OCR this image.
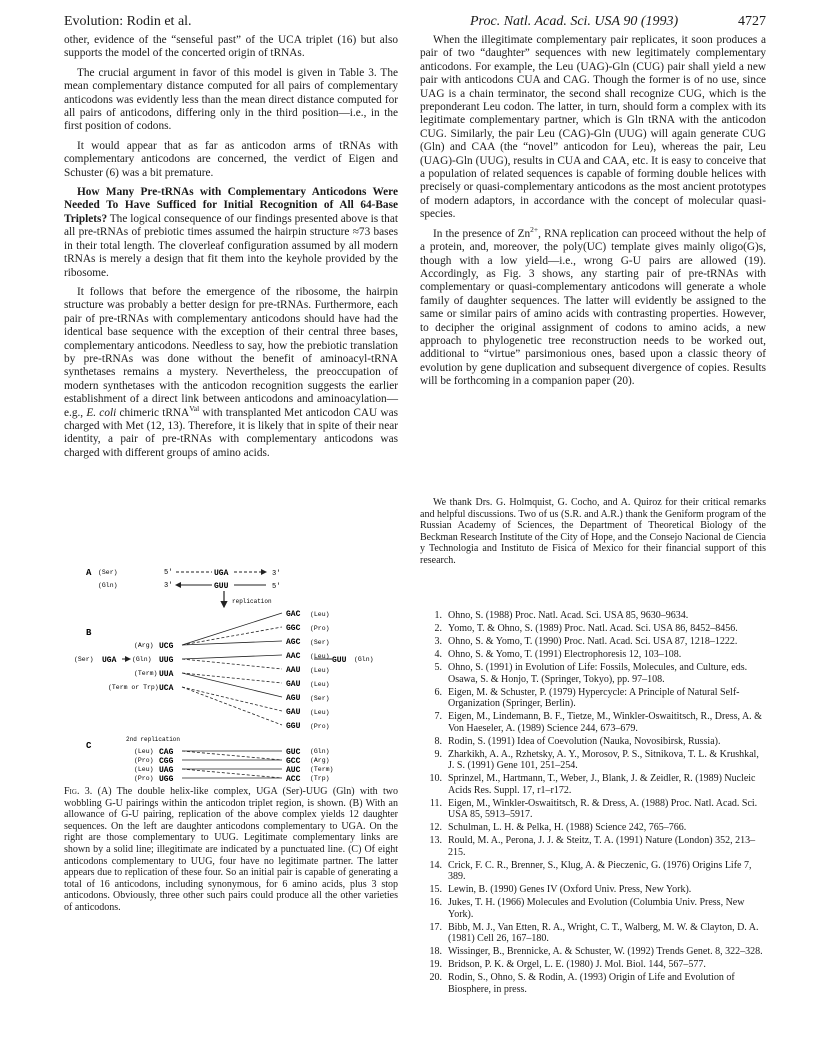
Evolution: Rodin et al.	Proc. Natl. Acad. Sci. USA 90 (1993)	4727

other, evidence of the “senseful past” of the UCA triplet (16) but also supports the model of the concerted origin of tRNAs.

The crucial argument in favor of this model is given in Table 3. The mean complementary distance computed for all pairs of complementary anticodons was evidently less than the mean direct distance computed for all pairs of anticodons, differing only in the third position—i.e., in the first position of codons.

It would appear that as far as anticodon arms of tRNAs with complementary anticodons are concerned, the verdict of Eigen and Schuster (6) was a bit premature.

How Many Pre-tRNAs with Complementary Anticodons Were Needed To Have Sufficed for Initial Recognition of All 64-Base Triplets? The logical consequence of our findings presented above is that all pre-tRNAs of prebiotic times assumed the hairpin structure ≈73 bases in their total length. The cloverleaf configuration assumed by all modern tRNAs is merely a design that fit them into the keyhole provided by the ribosome.

It follows that before the emergence of the ribosome, the hairpin structure was probably a better design for pre-tRNAs. Furthermore, each pair of pre-tRNAs with complementary anticodons should have had the identical base sequence with the exception of their central three bases, complementary anticodons. Needless to say, how the prebiotic translation by pre-tRNAs was done without the benefit of aminoacyl-tRNA synthetases remains a mystery. Nevertheless, the preoccupation of modern synthetases with the anticodon recognition suggests the earlier establishment of a direct link between anticodons and aminoacylation—e.g., E. coli chimeric tRNA$^{Val}$ with transplanted Met anticodon CAU was charged with Met (12, 13). Therefore, it is likely that in spite of their near identity, a pair of pre-tRNAs with complementary anticodons was charged with different groups of amino acids.

A (Ser)
(Gln)
5'
3'
UGA	3'
GUU	5'
replication
B
(Arg) UCG
(Ser) UGA (Gln) UUG
(Term) UUA
(Term or Trp) UCA
GAC (Leu)
GGC (Pro)
AGC (Ser)
AAC (Leu)
AAU (Leu)
GAU (Leu)
AGU (Ser)
GAU (Leu)
GGU (Pro)
GUU (Gln)
C
2nd replication
(Leu) CAG
(Pro) CGG
(Leu) UAG
(Pro) UGG
GUC (Gln)
GCC (Arg)
AUC (Term)
ACC (Trp)
Fig. 3. (A) The double helix-like complex, UGA (Ser)-UUG (Gln) with two wobbling G-U pairings within the anticodon triplet region, is shown. (B) With an allowance of G-U pairing, replication of the above complex yields 12 daughter sequences. On the left are daughter anticodons complementary to UGA. On the right are those complementary to UUG. Legitimate complementary links are shown by a solid line; illegitimate are indicated by a punctuated line. (C) Of eight anticodons complementary to UUG, four have no legitimate partner. The latter appears due to replication of these four. So an initial pair is capable of generating a total of 16 anticodons, including synonymous, for 6 amino acids, plus 3 stop anticodons. Obviously, three other such pairs could produce all the other varieties of anticodons.

When the illegitimate complementary pair replicates, it soon produces a pair of two “daughter” sequences with new legitimately complementary anticodons. For example, the Leu (UAG)-Gln (CUG) pair shall yield a new pair with anticodons CUA and CAG. Though the former is of no use, since UAG is a chain terminator, the second shall recognize CUG, which is the preponderant Leu codon. The latter, in turn, should form a complex with its legitimate complementary partner, which is Gln tRNA with the anticodon CUG. Similarly, the pair Leu (CAG)-Gln (UUG) will again generate CUG (Gln) and CAA (the “novel” anticodon for Leu), whereas the pair, Leu (UAG)-Gln (UUG), results in CUA and CAA, etc. It is easy to conceive that a population of related sequences is capable of forming double helices with precisely or quasi-complementary anticodons as the most ancient prototypes of modern adaptors, in accordance with the concept of molecular quasi-species.

In the presence of $Zn^{2+}$, RNA replication can proceed without the help of a protein, and, moreover, the poly(UC) template gives mainly oligo(G)s, though with a low yield—i.e., wrong G-U pairs are allowed (19). Accordingly, as Fig. 3 shows, any starting pair of pre-tRNAs with complementary or quasi-complementary anticodons will generate a whole family of daughter sequences. The latter will evidently be assigned to the same or similar pairs of amino acids with contrasting properties. However, to decipher the original assignment of codons to amino acids, a new approach to phylogenetic tree reconstruction needs to be worked out, additional to “virtue” parsimonious ones, based upon a classic theory of evolution by gene duplication and subsequent divergence of copies. Results will be forthcoming in a companion paper (20).

We thank Drs. G. Holmquist, G. Cocho, and A. Quiroz for their critical remarks and helpful discussions. Two of us (S.R. and A.R.) thank the Geniform program of the Russian Academy of Sciences, the Department of Theoretical Biology of the Beckman Research Institute of the City of Hope, and the Consejo Nacional de Ciencia y Technologia and Instituto de Fisica of Mexico for their financial support of this research.
1. Ohno, S. (1988) Proc. Natl. Acad. Sci. USA 85, 9630–9634.
2. Yomo, T. & Ohno, S. (1989) Proc. Natl. Acad. Sci. USA 86, 8452–8456.
3. Ohno, S. & Yomo, T. (1990) Proc. Natl. Acad. Sci. USA 87, 1218–1222.
4. Ohno, S. & Yomo, T. (1991) Electrophoresis 12, 103–108.
5. Ohno, S. (1991) in Evolution of Life: Fossils, Molecules, and Culture, eds. Osawa, S. & Honjo, T. (Springer, Tokyo), pp. 97–108.
6. Eigen, M. & Schuster, P. (1979) Hypercycle: A Principle of Natural Self-Organization (Springer, Berlin).
7. Eigen, M., Lindemann, B. F., Tietze, M., Winkler-Oswaititsch, R., Dress, A. & Von Haeseler, A. (1989) Science 244, 673–679.
8. Rodin, S. (1991) Idea of Coevolution (Nauka, Novosibirsk, Russia).
9. Zharkikh, A. A., Rzhetsky, A. Y., Morosov, P. S., Sitnikova, T. L. & Krushkal, J. S. (1991) Gene 101, 251–254.
10. Sprinzel, M., Hartmann, T., Weber, J., Blank, J. & Zeidler, R. (1989) Nucleic Acids Res. Suppl. 17, r1–r172.
11. Eigen, M., Winkler-Oswaititsch, R. & Dress, A. (1988) Proc. Natl. Acad. Sci. USA 85, 5913–5917.
12. Schulman, L. H. & Pelka, H. (1988) Science 242, 765–766.
13. Rould, M. A., Perona, J. J. & Steitz, T. A. (1991) Nature (London) 352, 213–215.
14. Crick, F. C. R., Brenner, S., Klug, A. & Pieczenic, G. (1976) Origins Life 7, 389.
15. Lewin, B. (1990) Genes IV (Oxford Univ. Press, New York).
16. Jukes, T. H. (1966) Molecules and Evolution (Columbia Univ. Press, New York).
17. Bibb, M. J., Van Etten, R. A., Wright, C. T., Walberg, M. W. & Clayton, D. A. (1981) Cell 26, 167–180.
18. Wissinger, B., Brennicke, A. & Schuster, W. (1992) Trends Genet. 8, 322–328.
19. Bridson, P. K. & Orgel, L. E. (1980) J. Mol. Biol. 144, 567–577.
20. Rodin, S., Ohno, S. & Rodin, A. (1993) Origin of Life and Evolution of Biosphere, in press.
